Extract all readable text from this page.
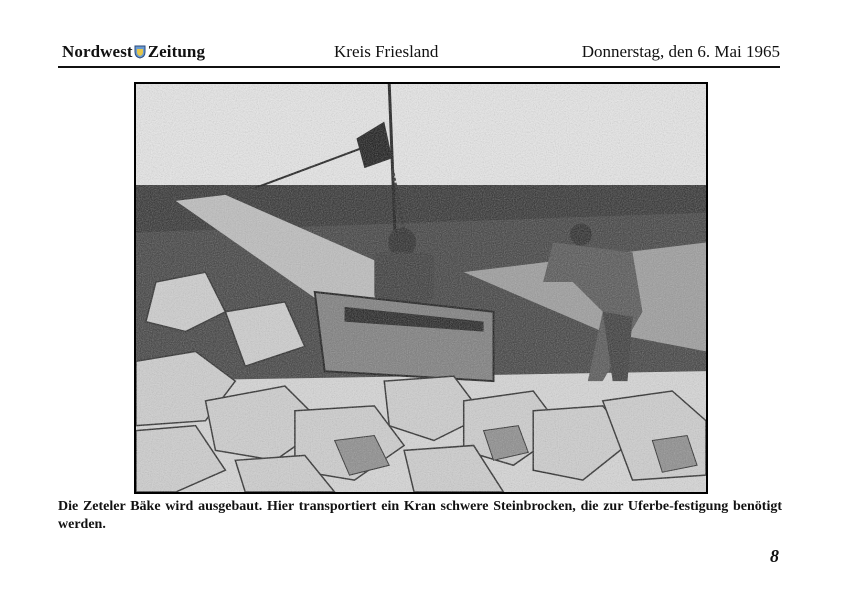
Nordwest Zeitung	Kreis Friesland	Donnerstag, den 6. Mai 1965
Die Zeteler Bäke wird ausgebaut. Hier transportiert ein Kran schwere Steinbrocken, die zur Uferbe-festigung benötigt werden.
8
